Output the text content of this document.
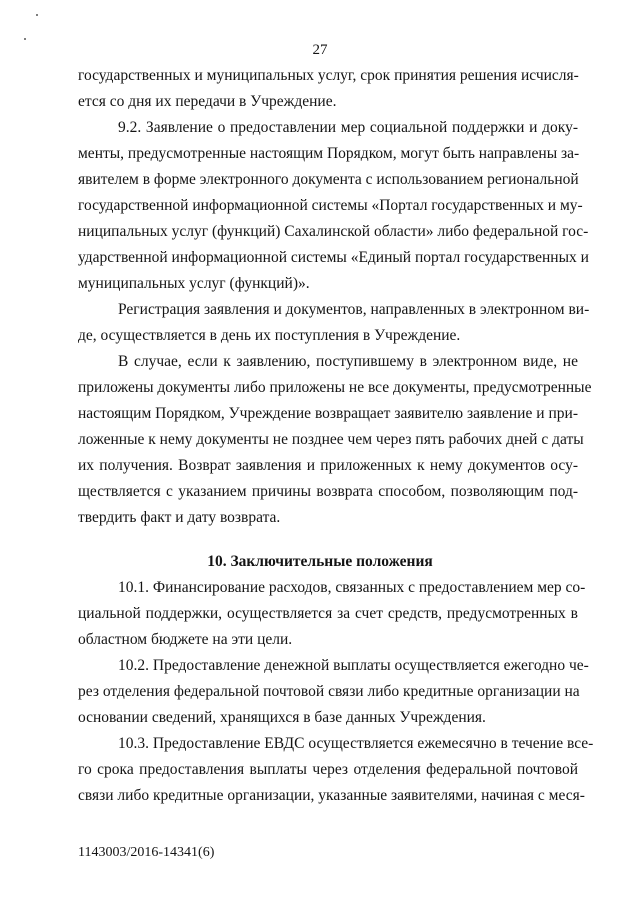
27
государственных и муниципальных услуг, срок принятия решения исчисля-
ется со дня их передачи в Учреждение.
9.2. Заявление о предоставлении мер социальной поддержки и доку-
менты, предусмотренные настоящим Порядком, могут быть направлены за-
явителем в форме электронного документа с использованием региональной
государственной информационной системы «Портал государственных и му-
ниципальных услуг (функций) Сахалинской области» либо федеральной гос-
ударственной информационной системы «Единый портал государственных и
муниципальных услуг (функций)».
Регистрация заявления и документов, направленных в электронном ви-
де, осуществляется в день их поступления в Учреждение.
В случае, если к заявлению, поступившему в электронном виде, не
приложены документы либо приложены не все документы, предусмотренные
настоящим Порядком, Учреждение возвращает заявителю заявление и при-
ложенные к нему документы не позднее чем через пять рабочих дней с даты
их получения. Возврат заявления и приложенных к нему документов осу-
ществляется с указанием причины возврата способом, позволяющим под-
твердить факт и дату возврата.
10. Заключительные положения
10.1. Финансирование расходов, связанных с предоставлением мер со-
циальной поддержки, осуществляется за счет средств, предусмотренных в
областном бюджете на эти цели.
10.2. Предоставление денежной выплаты осуществляется ежегодно че-
рез отделения федеральной почтовой связи либо кредитные организации на
основании сведений, хранящихся в базе данных Учреждения.
10.3. Предоставление ЕВДС осуществляется ежемесячно в течение все-
го срока предоставления выплаты через отделения федеральной почтовой
связи либо кредитные организации, указанные заявителями, начиная с меся-
1143003/2016-14341(6)
